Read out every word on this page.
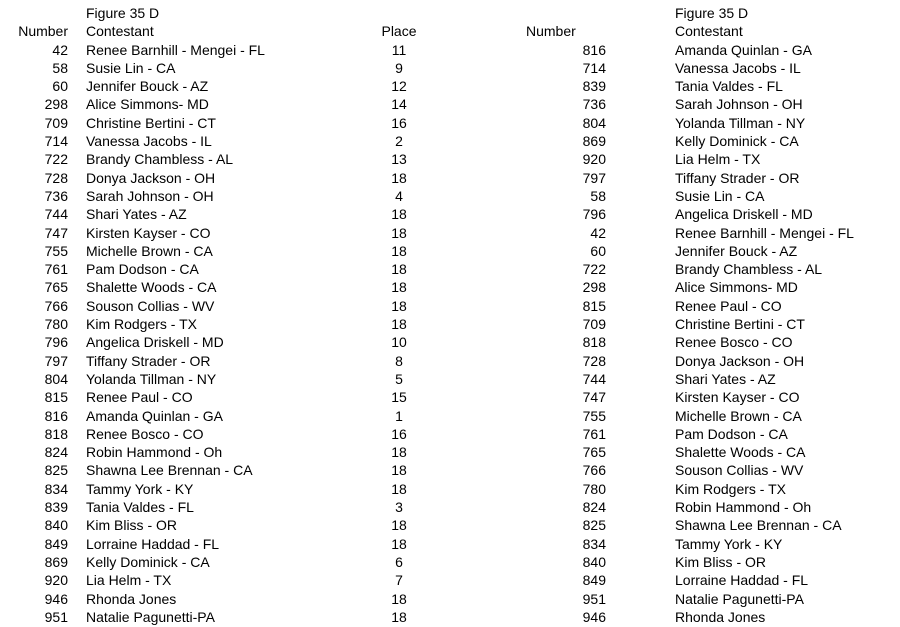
Figure 35 D
Number Contestant	Place
42 Renee Barnhill - Mengei - FL	11
58 Susie Lin - CA	9
60 Jennifer Bouck - AZ	12
298 Alice Simmons- MD	14
709 Christine Bertini - CT	16
714 Vanessa Jacobs - IL	2
722 Brandy Chambless - AL	13
728 Donya Jackson - OH	18
736 Sarah Johnson - OH	4
744 Shari Yates - AZ	18
747 Kirsten Kayser - CO	18
755 Michelle Brown - CA	18
761 Pam Dodson - CA	18
765 Shalette Woods - CA	18
766 Souson Collias - WV	18
780 Kim Rodgers - TX	18
796 Angelica Driskell - MD	10
797 Tiffany Strader - OR	8
804 Yolanda Tillman - NY	5
815 Renee Paul - CO	15
816 Amanda Quinlan - GA	1
818 Renee Bosco - CO	16
824 Robin Hammond - Oh	18
825 Shawna Lee Brennan - CA	18
834 Tammy York - KY	18
839 Tania Valdes - FL	3
840 Kim Bliss - OR	18
849 Lorraine Haddad - FL	18
869 Kelly Dominick - CA	6
920 Lia Helm - TX	7
946 Rhonda Jones	18
951 Natalie Pagunetti-PA	18
Figure 35 D
Number	Contestant
816	Amanda Quinlan - GA
714	Vanessa Jacobs - IL
839	Tania Valdes - FL
736	Sarah Johnson - OH
804	Yolanda Tillman - NY
869	Kelly Dominick - CA
920	Lia Helm - TX
797	Tiffany Strader - OR
58	Susie Lin - CA
796	Angelica Driskell - MD
42	Renee Barnhill - Mengei - FL
60	Jennifer Bouck - AZ
722	Brandy Chambless - AL
298	Alice Simmons- MD
815	Renee Paul - CO
709	Christine Bertini - CT
818	Renee Bosco - CO
728	Donya Jackson - OH
744	Shari Yates - AZ
747	Kirsten Kayser - CO
755	Michelle Brown - CA
761	Pam Dodson - CA
765	Shalette Woods - CA
766	Souson Collias - WV
780	Kim Rodgers - TX
824	Robin Hammond - Oh
825	Shawna Lee Brennan - CA
834	Tammy York - KY
840	Kim Bliss - OR
849	Lorraine Haddad - FL
951	Natalie Pagunetti-PA
946	Rhonda Jones
